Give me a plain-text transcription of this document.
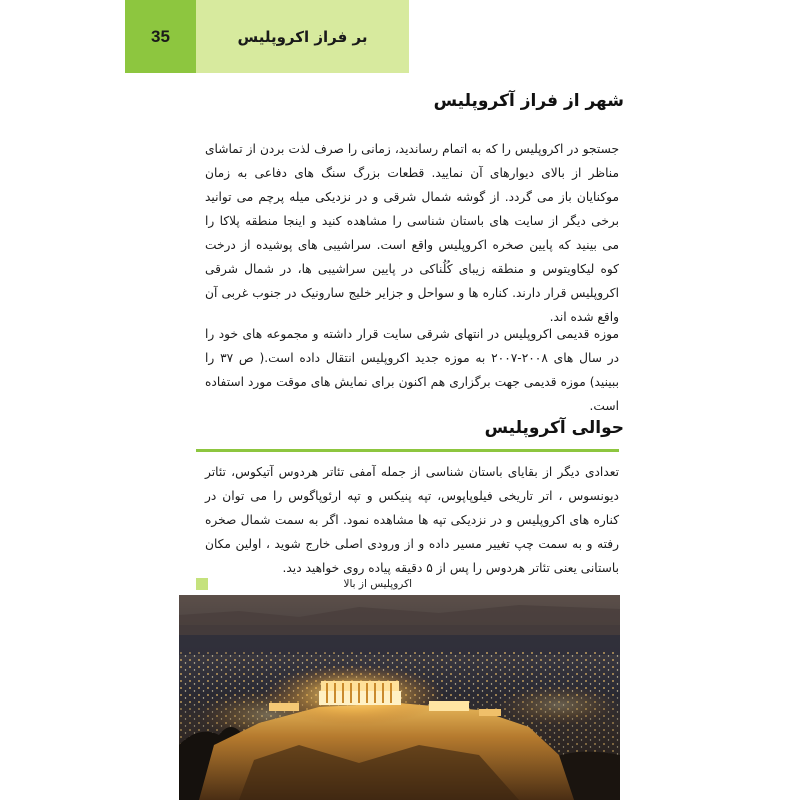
35	بر فراز اکروپلیس
شهر از فراز آکروپلیس

جستجو در اکروپلیس را که به اتمام رساندید، زمانی را صرف لذت بردن از تماشای مناظر از بالای دیوارهای آن نمایید. قطعات بزرگ سنگ های دفاعی به زمان موکنایان باز می گردد. از گوشه شمال شرقی و در نزدیکی میله پرچم می توانید برخی دیگر از سایت های باستان شناسی را مشاهده کنید و اینجا منطقه پلاکا را می بینید که پایین صخره اکروپلیس واقع است. سراشیبی های پوشیده از درخت کوه لیکاویتوس و منطقه زیبای کُلُناکی در پایین سراشیبی ها، در شمال شرقی اکروپلیس قرار دارند. کناره ها و سواحل و جزایر خلیج سارونیک در جنوب غربی آن واقع شده اند.

موزه قدیمی اکروپلیس در انتهای شرقی سایت قرار داشته و مجموعه های خود را در سال های ۲۰۰۸-۲۰۰۷ به موزه جدید اکروپلیس انتقال داده است.( ص ۳۷ را ببینید) موزه قدیمی جهت برگزاری هم اکنون برای نمایش های موقت مورد استفاده است.

حوالی آکروپلیس

تعدادی دیگر از بقایای باستان شناسی از جمله آمفی تئاتر هردوس آتیکوس، تئاتر دیونسوس ، اتر تاریخی فیلوپاپوس، تپه پنیکس و تپه ارئوپاگوس را می توان در کناره های اکروپلیس و در نزدیکی تپه ها مشاهده نمود. اگر به سمت شمال صخره رفته و به سمت چپ تغییر مسیر داده و از ورودی اصلی خارج شوید ، اولین مکان باستانی یعنی تئاتر هردوس را پس از ۵ دقیقه پیاده روی خواهید دید.

اکروپلیس از بالا
